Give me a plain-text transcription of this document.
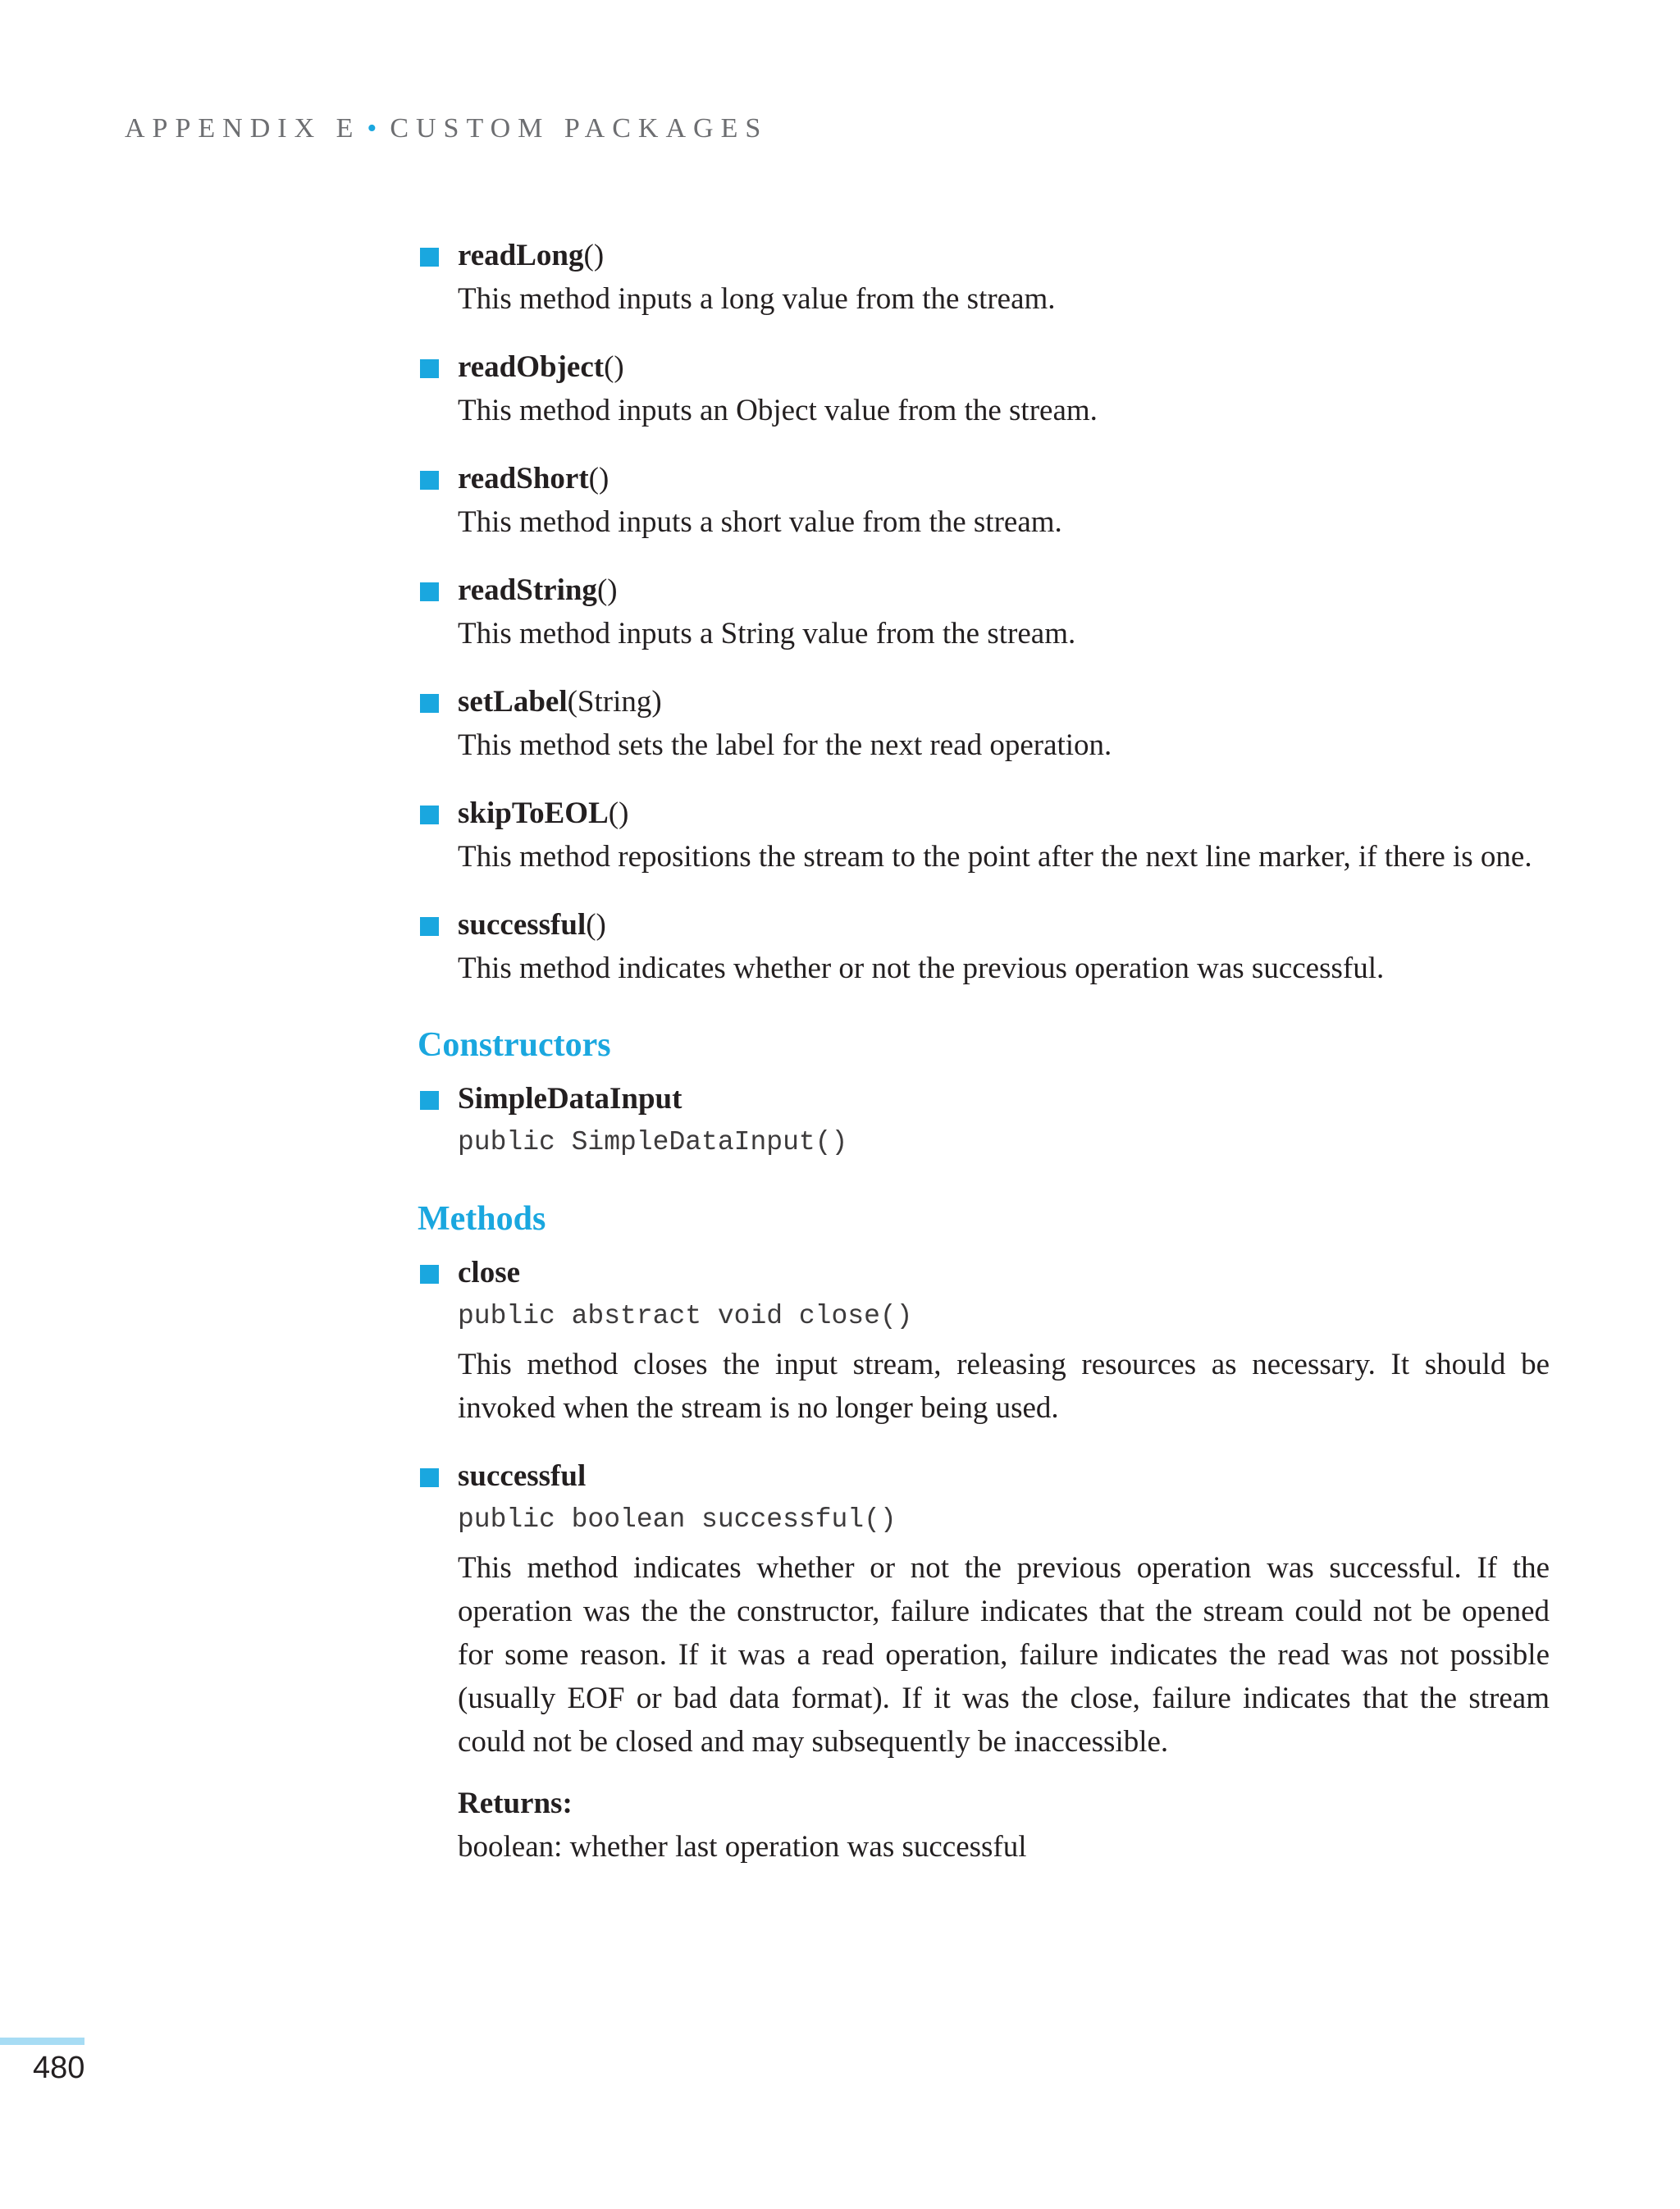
APPENDIX E • CUSTOM PACKAGES
readLong()
This method inputs a long value from the stream.
readObject()
This method inputs an Object value from the stream.
readShort()
This method inputs a short value from the stream.
readString()
This method inputs a String value from the stream.
setLabel(String)
This method sets the label for the next read operation.
skipToEOL()
This method repositions the stream to the point after the next line marker, if there is one.
successful()
This method indicates whether or not the previous operation was successful.
Constructors
SimpleDataInput
public SimpleDataInput()
Methods
close
public abstract void close()
This method closes the input stream, releasing resources as necessary. It should be invoked when the stream is no longer being used.
successful
public boolean successful()
This method indicates whether or not the previous operation was successful. If the operation was the the constructor, failure indicates that the stream could not be opened for some reason. If it was a read operation, failure indicates the read was not possible (usually EOF or bad data format). If it was the close, failure indicates that the stream could not be closed and may subsequently be inaccessible.
Returns:
boolean: whether last operation was successful
480
